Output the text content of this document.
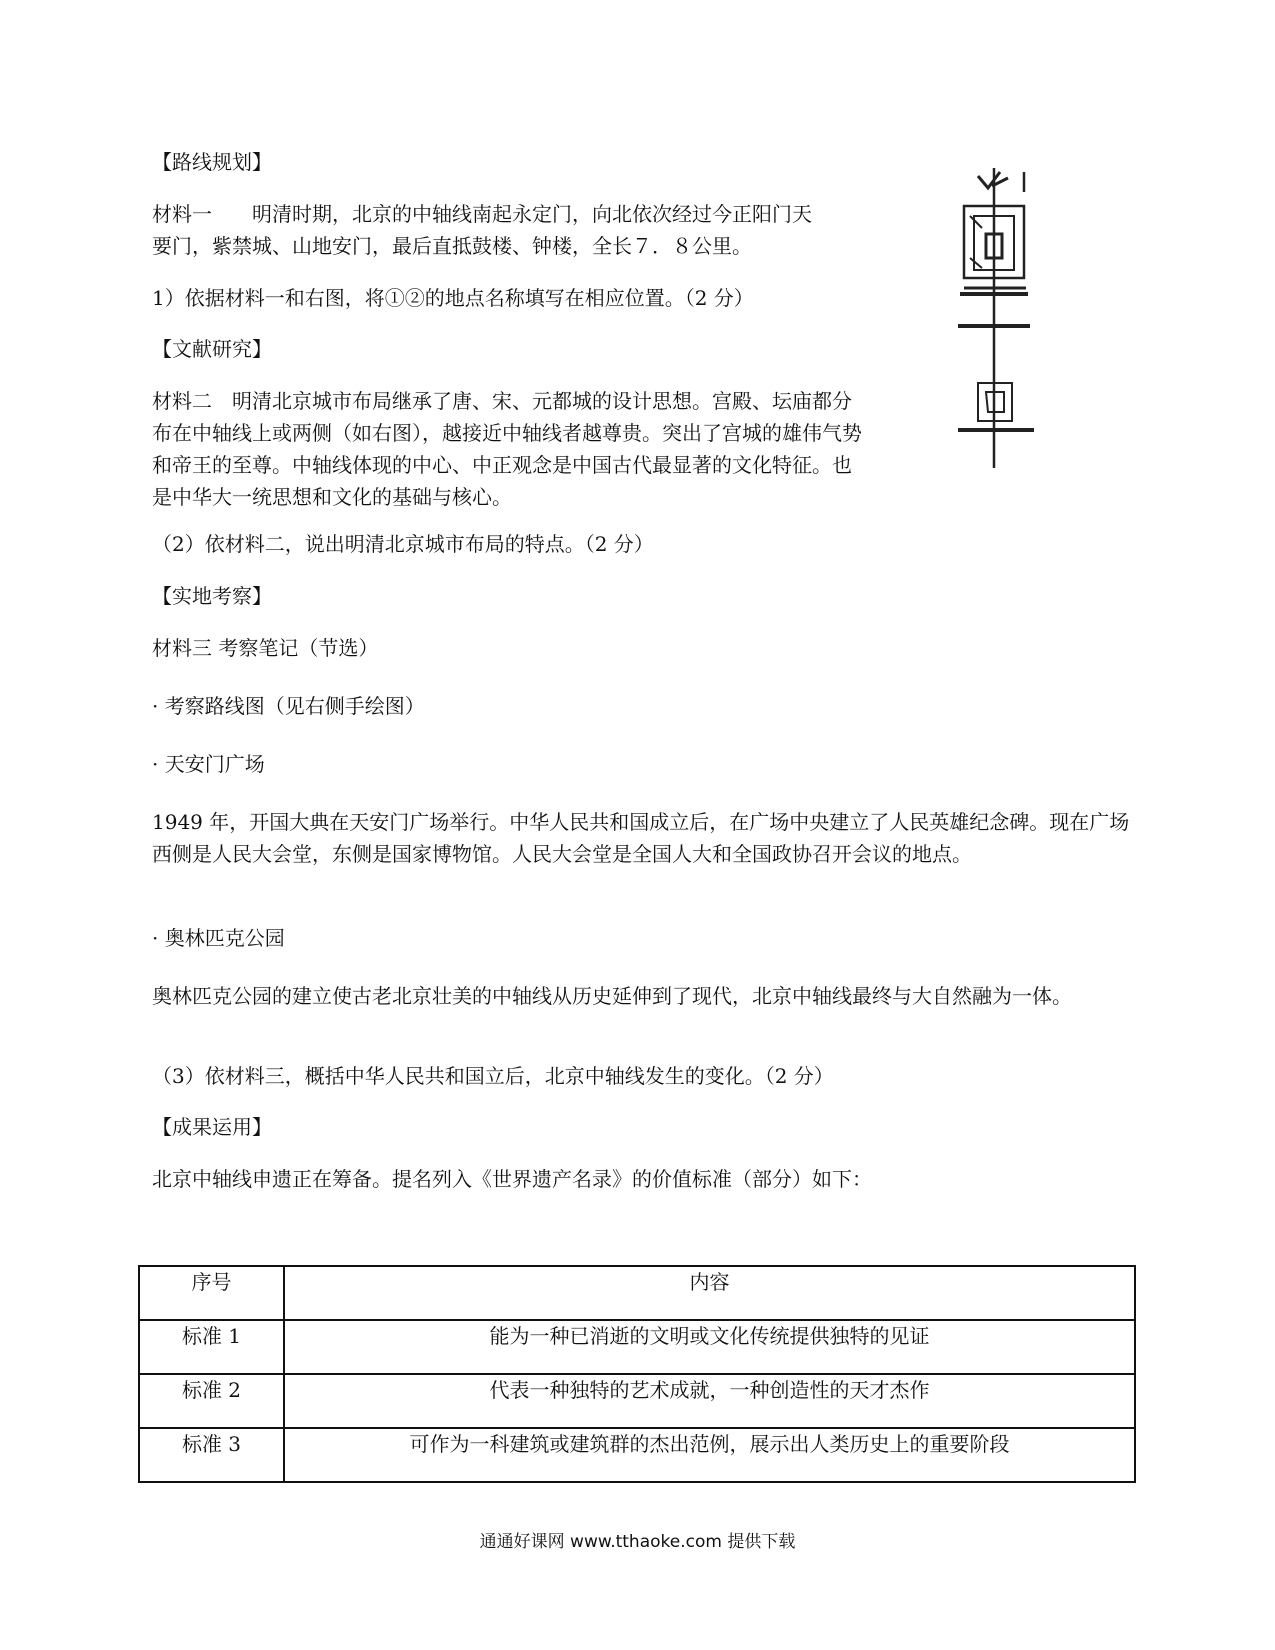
【路线规划】
材料一　　明清时期，北京的中轴线南起永定门，向北依次经过今正阳门天
要门，紫禁城、山地安门，最后直抵鼓楼、钟楼，全长７．８公里。
1）依据材料一和右图，将①②的地点名称填写在相应位置。（2 分）
【文献研究】
材料二　明清北京城市布局继承了唐、宋、元都城的设计思想。宫殿、坛庙都分布在中轴线上或两侧（如右图），越接近中轴线者越尊贵。突出了宫城的雄伟气势和帝王的至尊。中轴线体现的中心、中正观念是中国古代最显著的文化特征。也是中华大一统思想和文化的基础与核心。
（2）依材料二，说出明清北京城市布局的特点。（2 分）
【实地考察】
材料三 考察笔记（节选）
· 考察路线图（见右侧手绘图）
· 天安门广场
1949 年，开国大典在天安门广场举行。中华人民共和国成立后，在广场中央建立了人民英雄纪念碑。现在广场西侧是人民大会堂，东侧是国家博物馆。人民大会堂是全国人大和全国政协召开会议的地点。
· 奥林匹克公园
奥林匹克公园的建立使古老北京壮美的中轴线从历史延伸到了现代，北京中轴线最终与大自然融为一体。
（3）依材料三，概括中华人民共和国立后，北京中轴线发生的变化。（2 分）
【成果运用】
北京中轴线申遗正在筹备。提名列入《世界遗产名录》的价值标准（部分）如下：
序号	内容
标准 1	能为一种已消逝的文明或文化传统提供独特的见证
标准 2	代表一种独特的艺术成就，一种创造性的天才杰作
标准 3	可作为一科建筑或建筑群的杰出范例，展示出人类历史上的重要阶段
通通好课网 www.tthaoke.com 提供下载
